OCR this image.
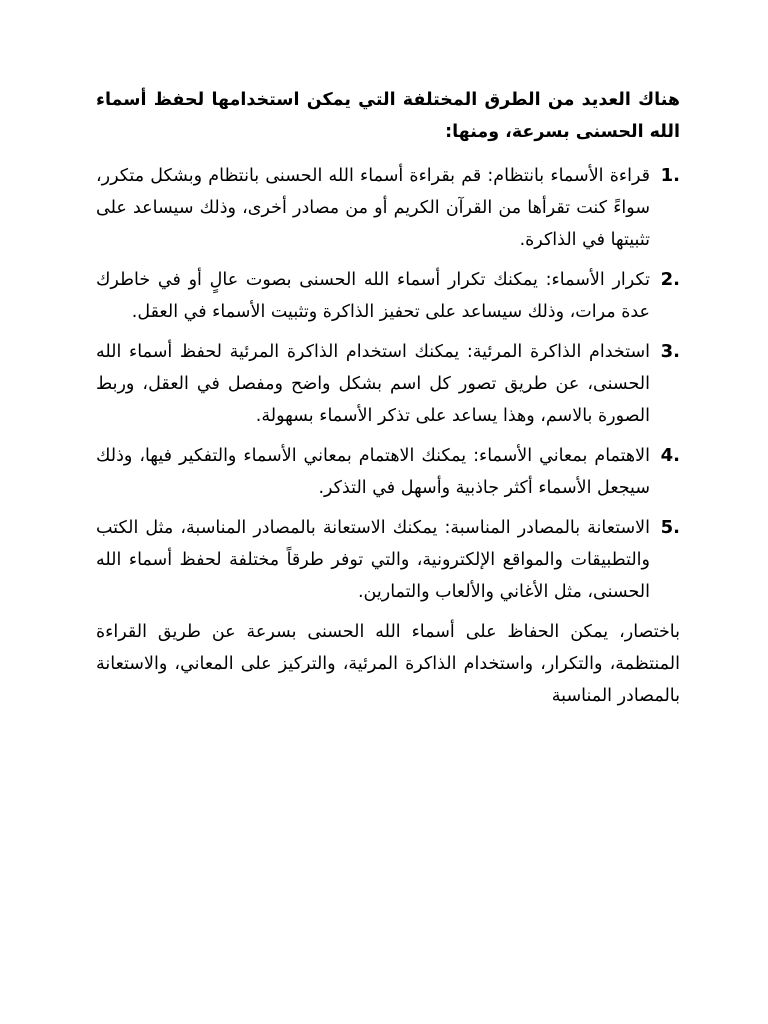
هناك العديد من الطرق المختلفة التي يمكن استخدامها لحفظ أسماء الله الحسنى بسرعة، ومنها:

1.
قراءة الأسماء بانتظام: قم بقراءة أسماء الله الحسنى بانتظام وبشكل متكرر، سواءً كنت تقرأها من القرآن الكريم أو من مصادر أخرى، وذلك سيساعد على تثبيتها في الذاكرة.
2.
تكرار الأسماء: يمكنك تكرار أسماء الله الحسنى بصوت عالٍ أو في خاطرك عدة مرات، وذلك سيساعد على تحفيز الذاكرة وتثبيت الأسماء في العقل.
3.
استخدام الذاكرة المرئية: يمكنك استخدام الذاكرة المرئية لحفظ أسماء الله الحسنى، عن طريق تصور كل اسم بشكل واضح ومفصل في العقل، وربط الصورة بالاسم، وهذا يساعد على تذكر الأسماء بسهولة.
4.
الاهتمام بمعاني الأسماء: يمكنك الاهتمام بمعاني الأسماء والتفكير فيها، وذلك سيجعل الأسماء أكثر جاذبية وأسهل في التذكر.
5.
الاستعانة بالمصادر المناسبة: يمكنك الاستعانة بالمصادر المناسبة، مثل الكتب والتطبيقات والمواقع الإلكترونية، والتي توفر طرقاً مختلفة لحفظ أسماء الله الحسنى، مثل الأغاني والألعاب والتمارين.

باختصار، يمكن الحفاظ على أسماء الله الحسنى بسرعة عن طريق القراءة المنتظمة، والتكرار، واستخدام الذاكرة المرئية، والتركيز على المعاني، والاستعانة بالمصادر المناسبة
